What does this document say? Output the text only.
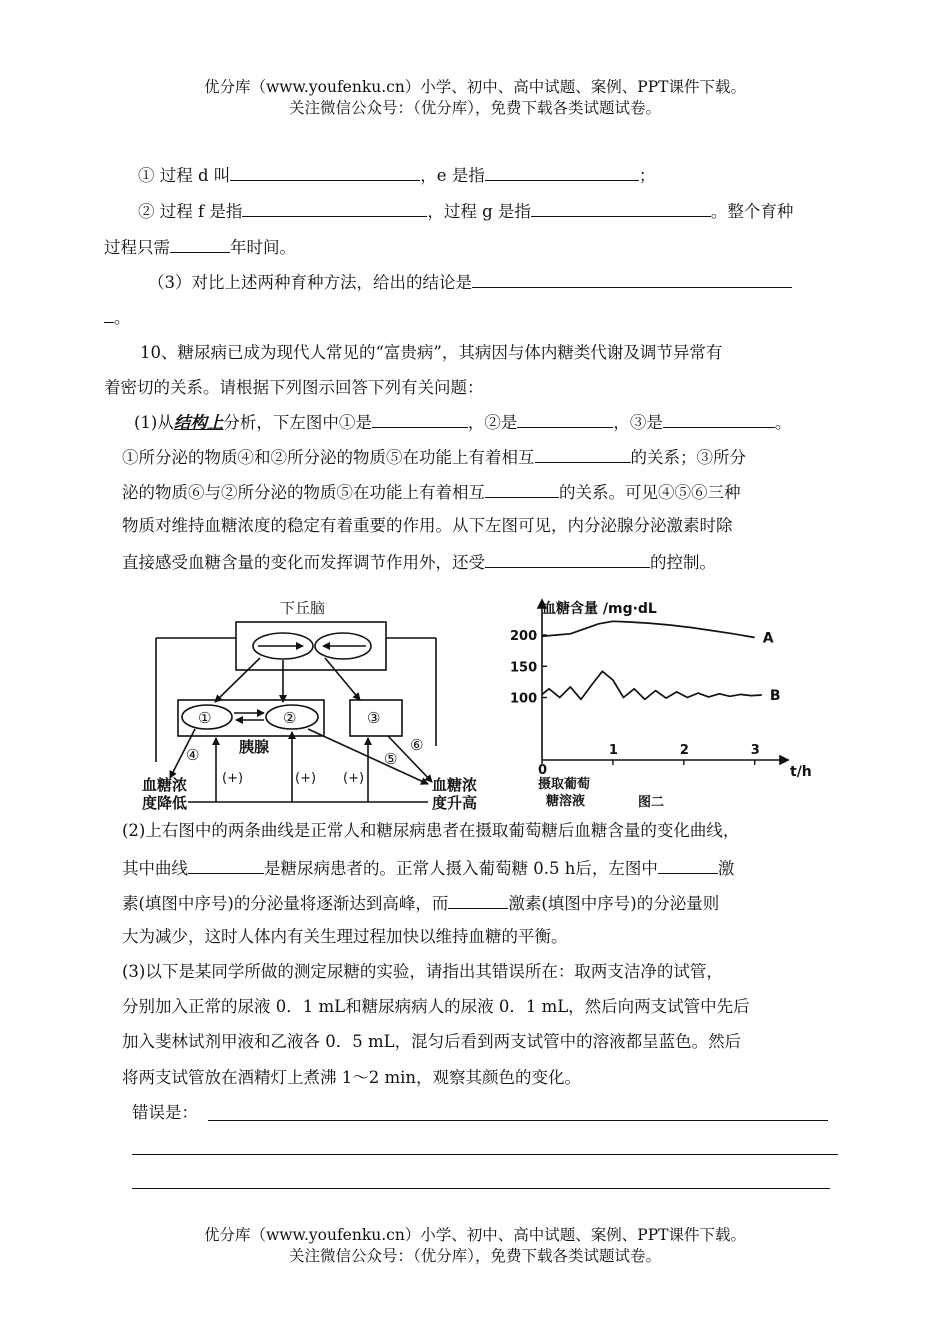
优分库（www.youfenku.cn）小学、初中、高中试题、案例、PPT课件下载。
关注微信公众号：（优分库），免费下载各类试题试卷。
① 过程 d 叫	，e 是指	；
② 过程 f 是指	，过程 g 是指	。整个育种
过程只需	年时间。
（3）对比上述两种育种方法，给出的结论是
。
10、糖尿病已成为现代人常见的“富贵病”，其病因与体内糖类代谢及调节异常有
着密切的关系。请根据下列图示回答下列有关问题：
(1)从结构上分析，下左图中①是	，②是	，③是	。
①所分泌的物质④和②所分泌的物质⑤在功能上有着相互	的关系；③所分
泌的物质⑥与②所分泌的物质⑤在功能上有着相互	的关系。可见④⑤⑥三种
物质对维持血糖浓度的稳定有着重要的作用。从下左图可见，内分泌腺分泌激素时除
直接感受血糖含量的变化而发挥调节作用外，还受	的控制。
下丘脑
①	②	③
胰腺
④	⑤
⑥
(+)	(+) (+)
血糖浓
度降低
血糖浓
度升高
0
1	2	3
100
150
200	A
B
血糖含量 /mg·dL
t/h
摄取葡萄
糖溶液	图二
(2)上右图中的两条曲线是正常人和糖尿病患者在摄取葡萄糖后血糖含量的变化曲线，
其中曲线	是糖尿病患者的。正常人摄入葡萄糖 0.5 h后，左图中	激
素(填图中序号)的分泌量将逐渐达到高峰，而	激素(填图中序号)的分泌量则
大为减少，这时人体内有关生理过程加快以维持血糖的平衡。
(3)以下是某同学所做的测定尿糖的实验，请指出其错误所在：取两支洁净的试管，
分别加入正常的尿液 0．1 mL和糖尿病病人的尿液 0．1 mL，然后向两支试管中先后
加入斐林试剂甲液和乙液各 0．5 mL，混匀后看到两支试管中的溶液都呈蓝色。然后
将两支试管放在酒精灯上煮沸 1～2 min，观察其颜色的变化。
错误是：
优分库（www.youfenku.cn）小学、初中、高中试题、案例、PPT课件下载。
关注微信公众号：（优分库），免费下载各类试题试卷。
